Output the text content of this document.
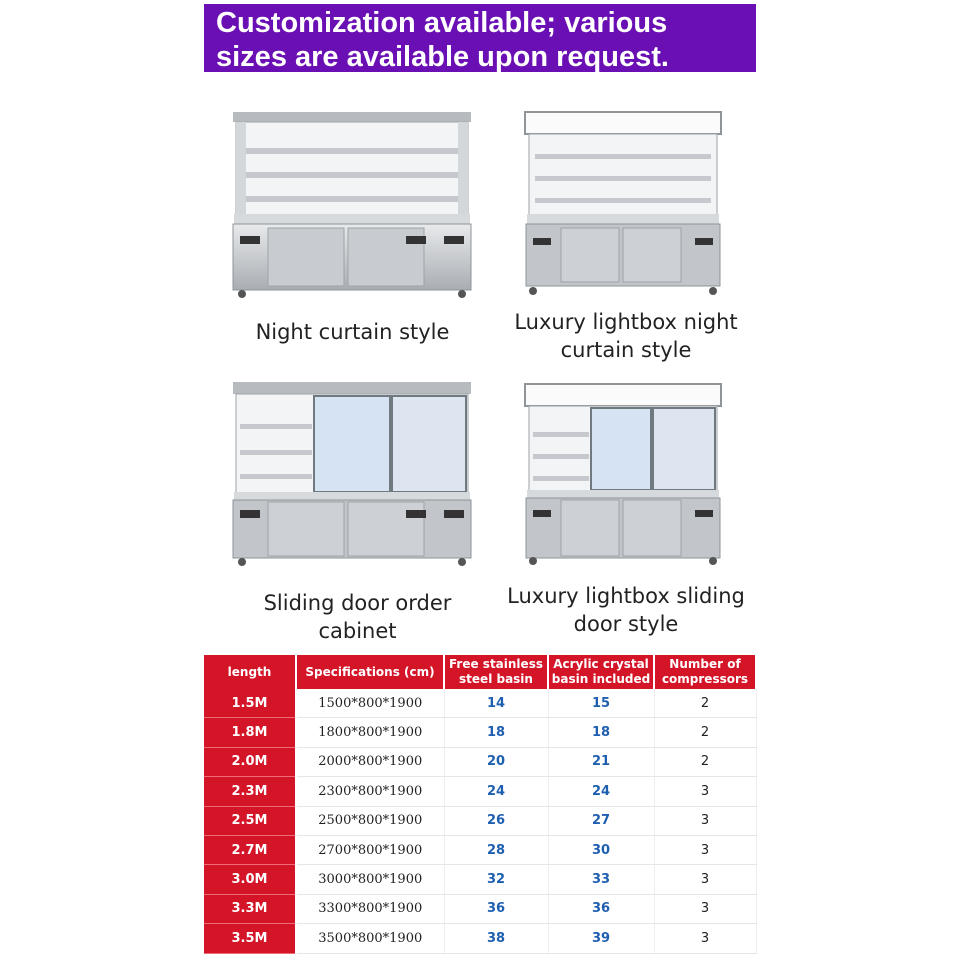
Customization available; various
sizes are available upon request.
Night curtain style	Luxury lightbox night
curtain style
Sliding door order
cabinet
Luxury lightbox sliding
door style
length	Specifications (cm)	Free stainless steel basin	Acrylic crystal basin included	Number of compressors
1.5M	1500*800*1900	14	15	2
1.8M	1800*800*1900	18	18	2
2.0M	2000*800*1900	20	21	2
2.3M	2300*800*1900	24	24	3
2.5M	2500*800*1900	26	27	3
2.7M	2700*800*1900	28	30	3
3.0M	3000*800*1900	32	33	3
3.3M	3300*800*1900	36	36	3
3.5M	3500*800*1900	38	39	3
